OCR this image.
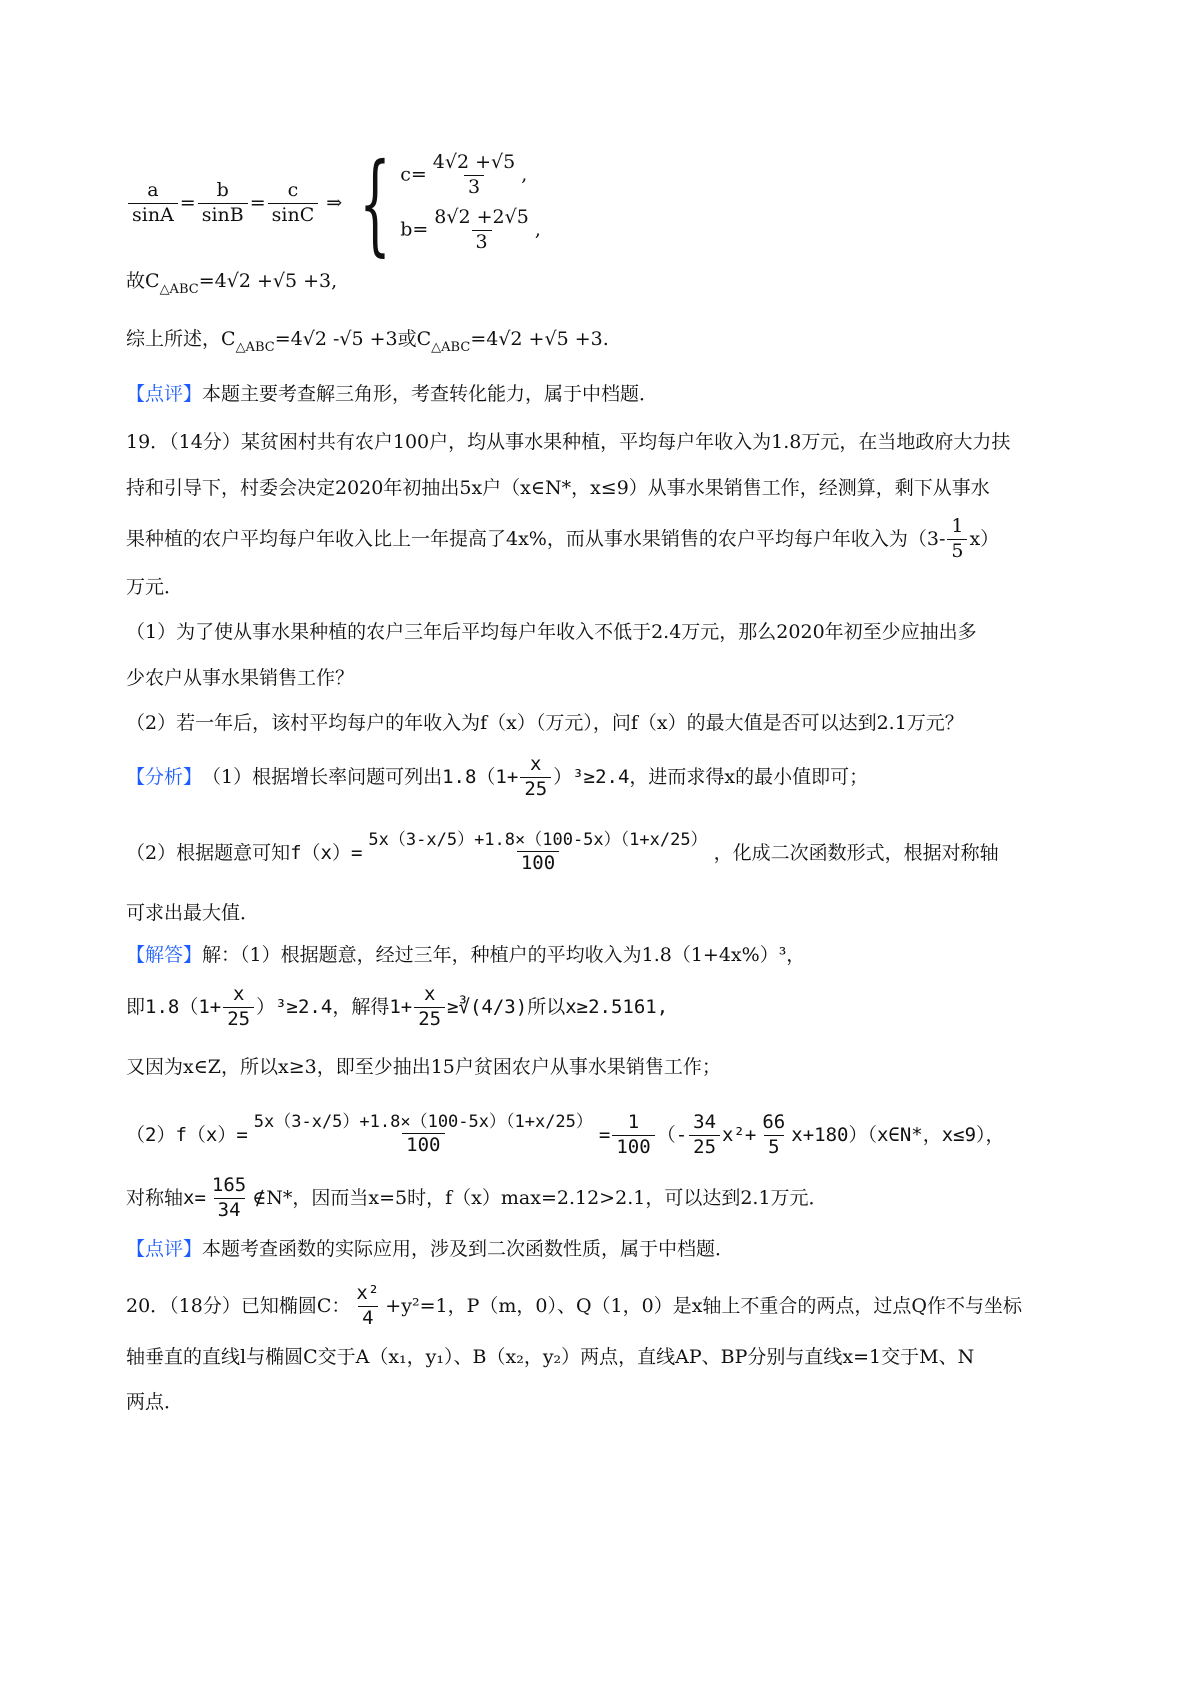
$\frac{a}{\sin A} = \frac{b}{\sin B} = \frac{c}{\sin C}$ ⇒ { $c= \frac{4√2 +√5}{3}$ ,
$b= \frac{8√2 +2√5}{3}$ ,
故$C_{\triangle ABC}=4√2 +√5 +3$,
综上所述，$C_{\triangle ABC}=4√2$ -√5 +3或$C_{\triangle ABC}=4√2 +√5 +3$.
【点评】本题主要考查解三角形，考查转化能力，属于中档题．
19．（14分）某贫困村共有农户100户，均从事水果种植，平均每户年收入为1.8万元，在当地政府大力扶
持和引导下，村委会决定2020年初抽出5x户（x∈N*，x≤9）从事水果销售工作，经测算，剩下从事水
果种植的农户平均每户年收入比上一年提高了4x%，而从事水果销售的农户平均每户年收入为$(3- \frac{1}{5} x)$
万元．
（1）为了使从事水果种植的农户三年后平均每户年收入不低于2.4万元，那么2020年初至少应抽出多
少农户从事水果销售工作？
（2）若一年后，该村平均每户的年收入为f（x）（万元），问f（x）的最大值是否可以达到2.1万元？
【分析】 （1）根据增长率问题可列出 $1.8(1+ \frac{x}{25} )^3\ge 2.4$ ，进而求得x的最小值即可；
（2）根据题意可知 $f(x)= \frac{5x(3-x/5)+1.8\times(100-5x)(1+x/25)}{100}$ ，化成二次函数形式，根据对称轴
可求出最大值．
【解答】解：（1）根据题意，经过三年，种植户的平均收入为1.8（1+4x%）³，
即 $1.8(1+ \frac{x}{25} )^3\ge 2.4$ ，解得 $1+ \frac{x}{25}$ ≥∛(4/3) 所以x≥2.5161,
又因为x∈Z，所以x≥3，即至少抽出15户贫困农户从事水果销售工作；
$(2)f(x)= \frac{5x(3-x/5)+1.8\times(100-5x)(1+x/25)}{100} = \frac{1}{100}$ （- $\frac{34}{25} x^2+ \frac{66}{5}$ x+180）（x∈N*，x≤9），
对称轴 $x= \frac{165}{34}$ ∉N*，因而当x=5时，f（x）max=2.12>2.1，可以达到2.1万元．
【点评】本题考查函数的实际应用，涉及到二次函数性质，属于中档题．
20．（18分）已知椭圆C： $\frac{\text{x²}}{4} +y^2=1$，P（m，0）、Q（1，0）是x轴上不重合的两点，过点Q作不与坐标
轴垂直的直线l与椭圆C交于A（x₁，y₁）、B（x₂，y₂）两点，直线AP、BP分别与直线x=1交于M、N
两点．
